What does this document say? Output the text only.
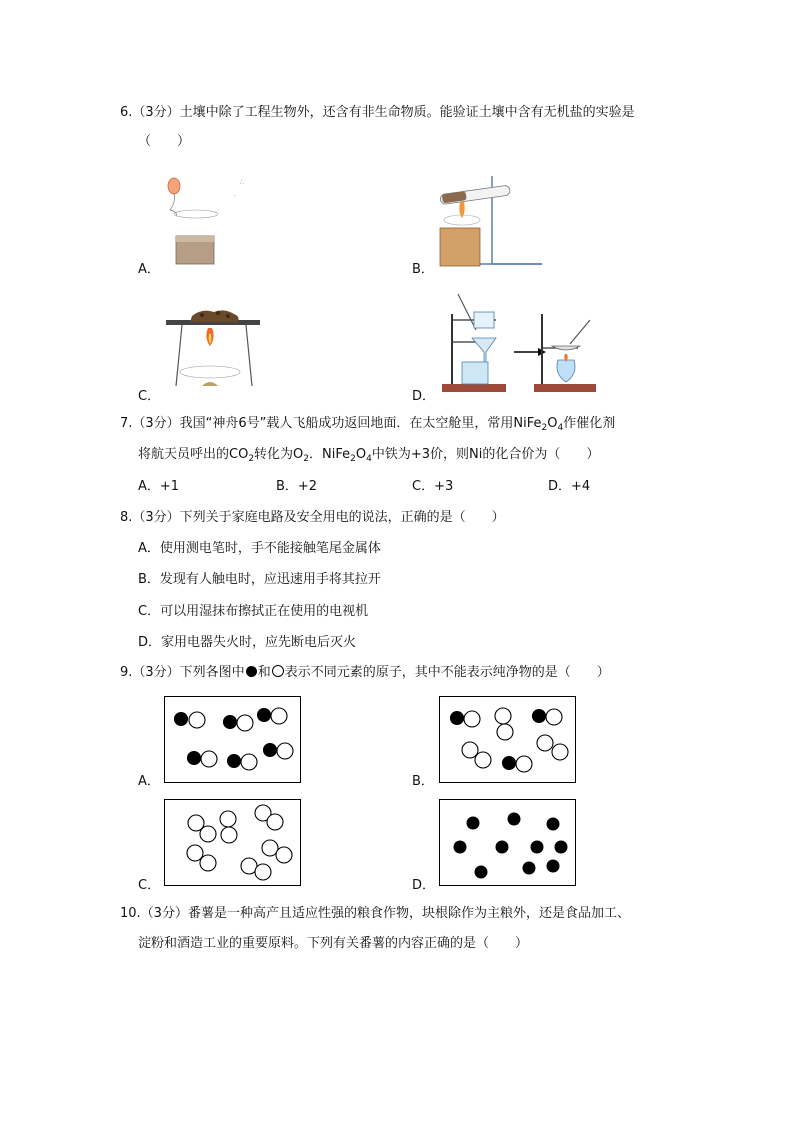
6.（3分）土壤中除了工程生物外，还含有非生命物质。能验证土壤中含有无机盐的实验是
（　　）
∴
·
A．	B．
C．	D．
7.（3分）我国“神舟6号”载人飞船成功返回地面．在太空舱里，常用$NiFe_2O_4$作催化剂
将航天员呼出的$CO_2$转化为$O_2$．$NiFe_2O_4$中铁为+3价，则Ni的化合价为（　　）
A．+1	B．+2	C．+3	D．+4
8.（3分）下列关于家庭电路及安全用电的说法，正确的是（　　）
A．使用测电笔时，手不能接触笔尾金属体
B．发现有人触电时，应迅速用手将其拉开
C．可以用湿抹布擦拭正在使用的电视机
D．家用电器失火时，应先断电后灭火
9.（3分）下列各图中 和 表示不同元素的原子，其中不能表示纯净物的是（　　）
A．	B．
C．	D．
10.（3分）番薯是一种高产且适应性强的粮食作物，块根除作为主粮外，还是食品加工、
淀粉和酒造工业的重要原料。下列有关番薯的内容正确的是（　　）
